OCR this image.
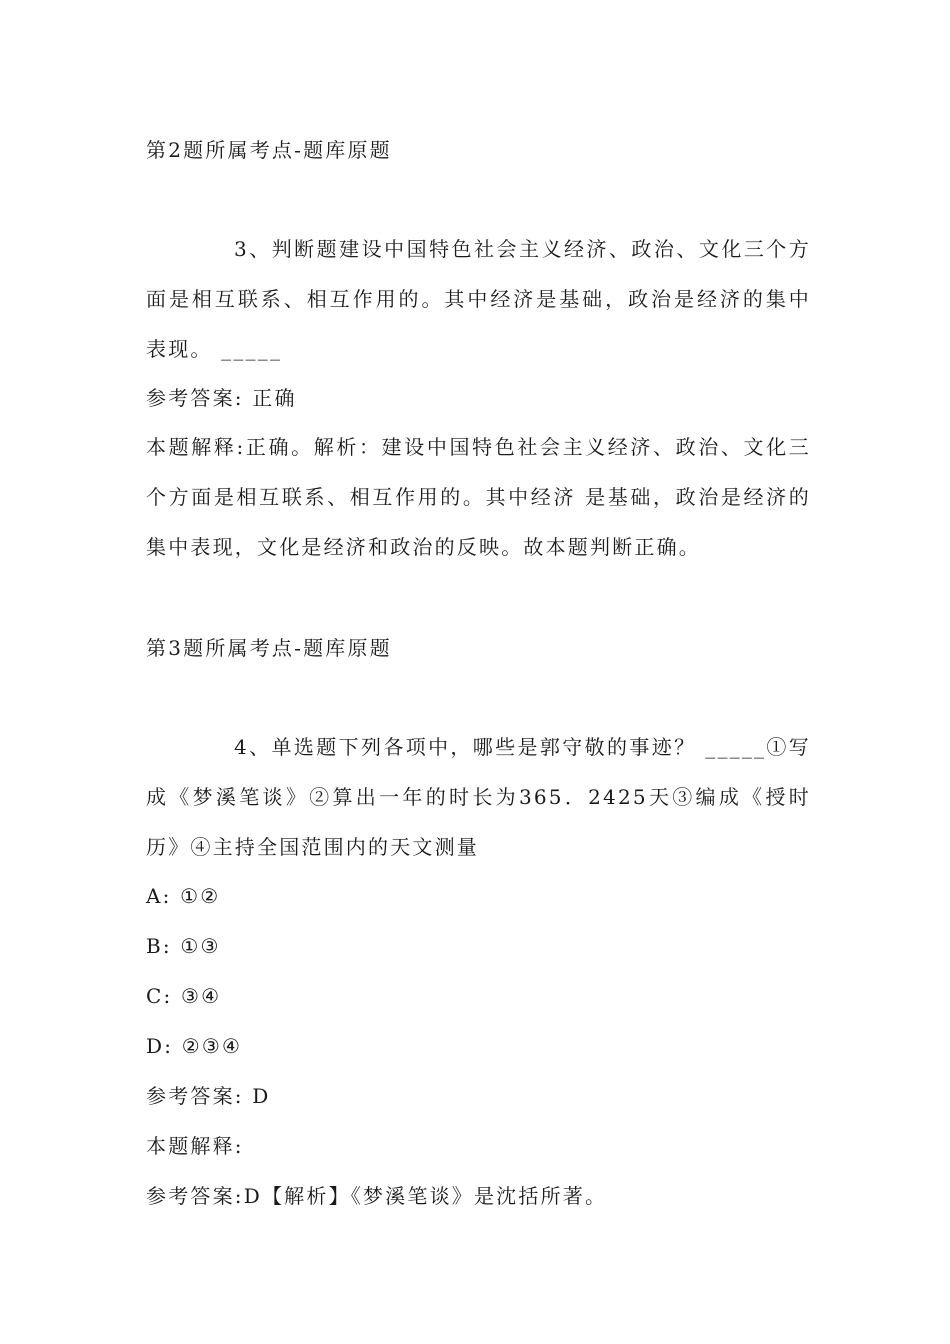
第2题所属考点-题库原题
3、判断题建设中国特色社会主义经济、政治、文化三个方面是相互联系、相互作用的。其中经济是基础，政治是经济的集中表现。 _____
参考答案: 正确
本题解释:正确。解析：建设中国特色社会主义经济、政治、文化三个方面是相互联系、相互作用的。其中经济 是基础，政治是经济的集中表现，文化是经济和政治的反映。故本题判断正确。
第3题所属考点-题库原题
4、单选题下列各项中，哪些是郭守敬的事迹？ _____①写成《梦溪笔谈》②算出一年的时长为365．2425天③编成《授时历》④主持全国范围内的天文测量
A: ①②
B: ①③
C: ③④
D: ②③④
参考答案: D
本题解释:
参考答案:D【解析】《梦溪笔谈》是沈括所著。
